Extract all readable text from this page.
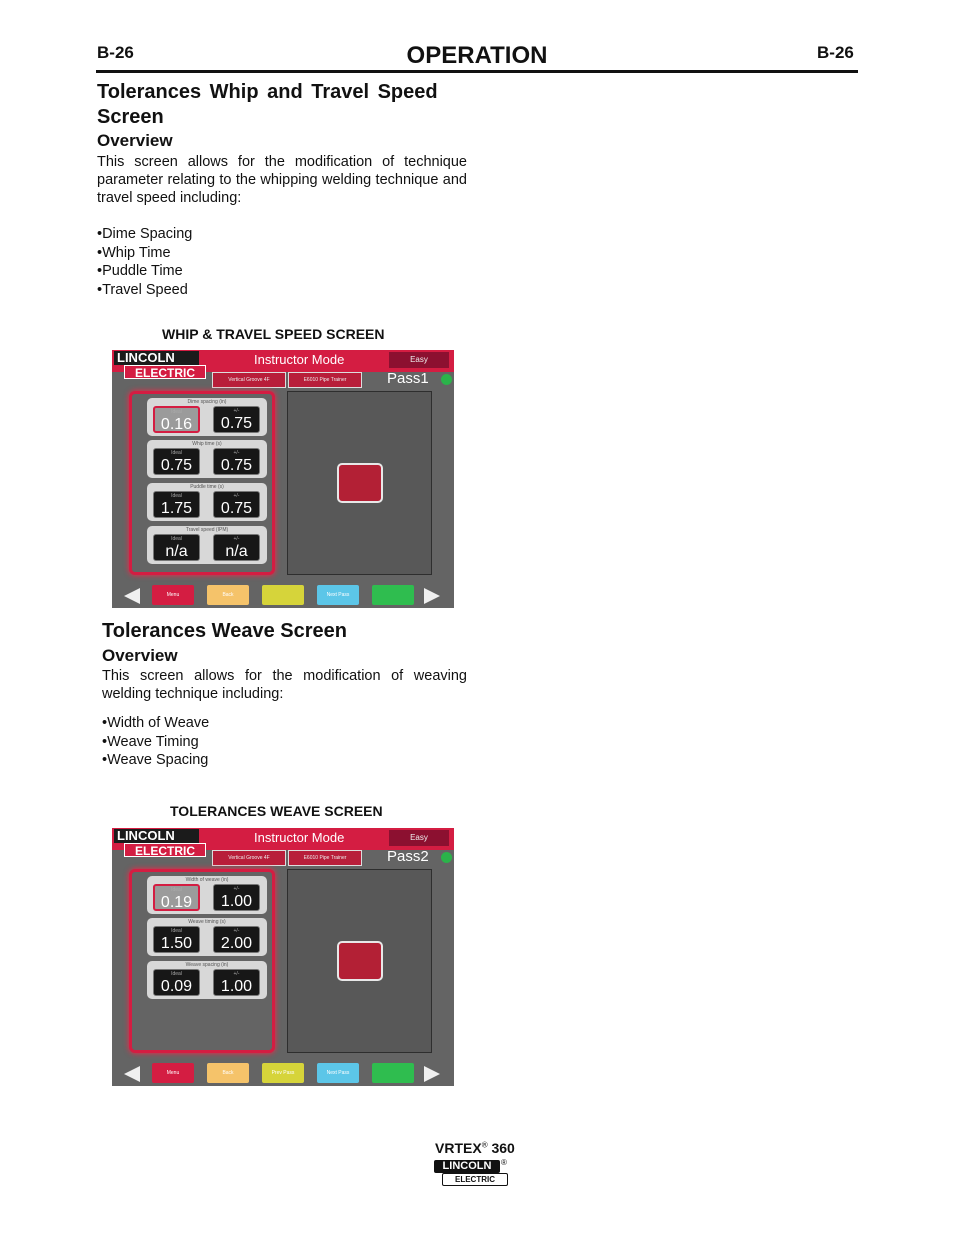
B-26	OPERATION	B-26
Tolerances Whip and Travel Speed
Screen
Overview

This screen allows for the modification of technique parameter relating to the whipping welding technique and travel speed including:

• Dime Spacing
• Whip Time
• Puddle Time
• Travel Speed

WHIP & TRAVEL SPEED SCREEN

LINCOLN
ELECTRIC
Instructor Mode	Easy
Vertical Groove 4F	E6010 Pipe Trainer	Pass1
Dime spacing (in)
Ideal
0.16
+/-
0.75
Whip time (s)
Ideal
0.75
+/-
0.75
Puddle time (s)
Ideal
1.75
+/-
0.75
Travel speed (IPM)
Ideal
n/a
+/-
n/a
Menu	Back	Next Pass
Tolerances Weave Screen
Overview

This screen allows for the modification of weaving welding technique including:

• Width of Weave
• Weave Timing
• Weave Spacing

TOLERANCES WEAVE SCREEN

LINCOLN
ELECTRIC
Instructor Mode	Easy
Vertical Groove 4F	E6010 Pipe Trainer	Pass2
Width of weave (in)
Ideal
0.19
+/-
1.00
Weave timing (s)
Ideal
1.50
+/-
2.00
Weave spacing (in)
Ideal
0.09
+/-
1.00
Menu	Back	Prev Pass	Next Pass
VRTEX® 360
LINCOLN
ELECTRIC
®
